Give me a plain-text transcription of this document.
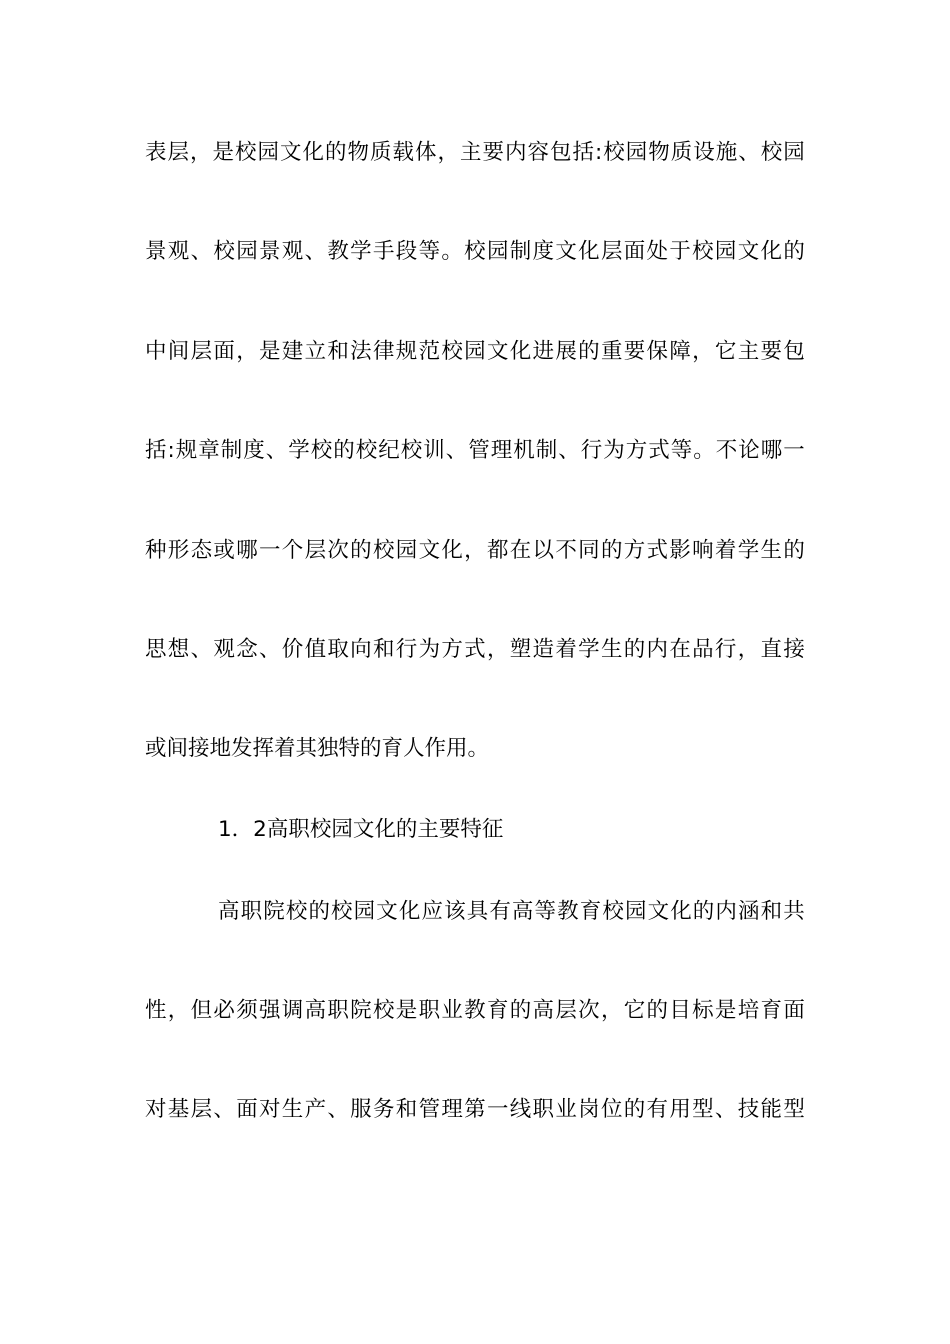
表 层 ， 是 校 园 文 化 的 物 质 载 体 ， 主 要 内 容 包 括 : 校 园 物 质 设 施 、 校 园
景 观 、 校 园 景 观 、 教 学 手 段 等 。 校 园 制 度 文 化 层 面 处 于 校 园 文 化 的
中 间 层 面 ， 是 建 立 和 法 律 规 范 校 园 文 化 进 展 的 重 要 保 障 ， 它 主 要 包
括 : 规 章 制 度 、 学 校 的 校 纪 校 训 、 管 理 机 制 、 行 为 方 式 等 。 不 论 哪 一
种 形 态 或 哪 一 个 层 次 的 校 园 文 化 ， 都 在 以 不 同 的 方 式 影 响 着 学 生 的
思 想 、 观 念 、 价 值 取 向 和 行 为 方 式 ， 塑 造 着 学 生 的 内 在 品 行 ， 直 接
或间接地发挥着其独特的育人作用。
1．2高职校园文化的主要特征
高 职 院 校 的 校 园 文 化 应 该 具 有 高 等 教 育 校 园 文 化 的 内 涵 和 共
性 ， 但 必 须 强 调 高 职 院 校 是 职 业 教 育 的 高 层 次 ， 它 的 目 标 是 培 育 面
对 基 层 、 面 对 生 产 、 服 务 和 管 理 第 一 线 职 业 岗 位 的 有 用 型 、 技 能 型
